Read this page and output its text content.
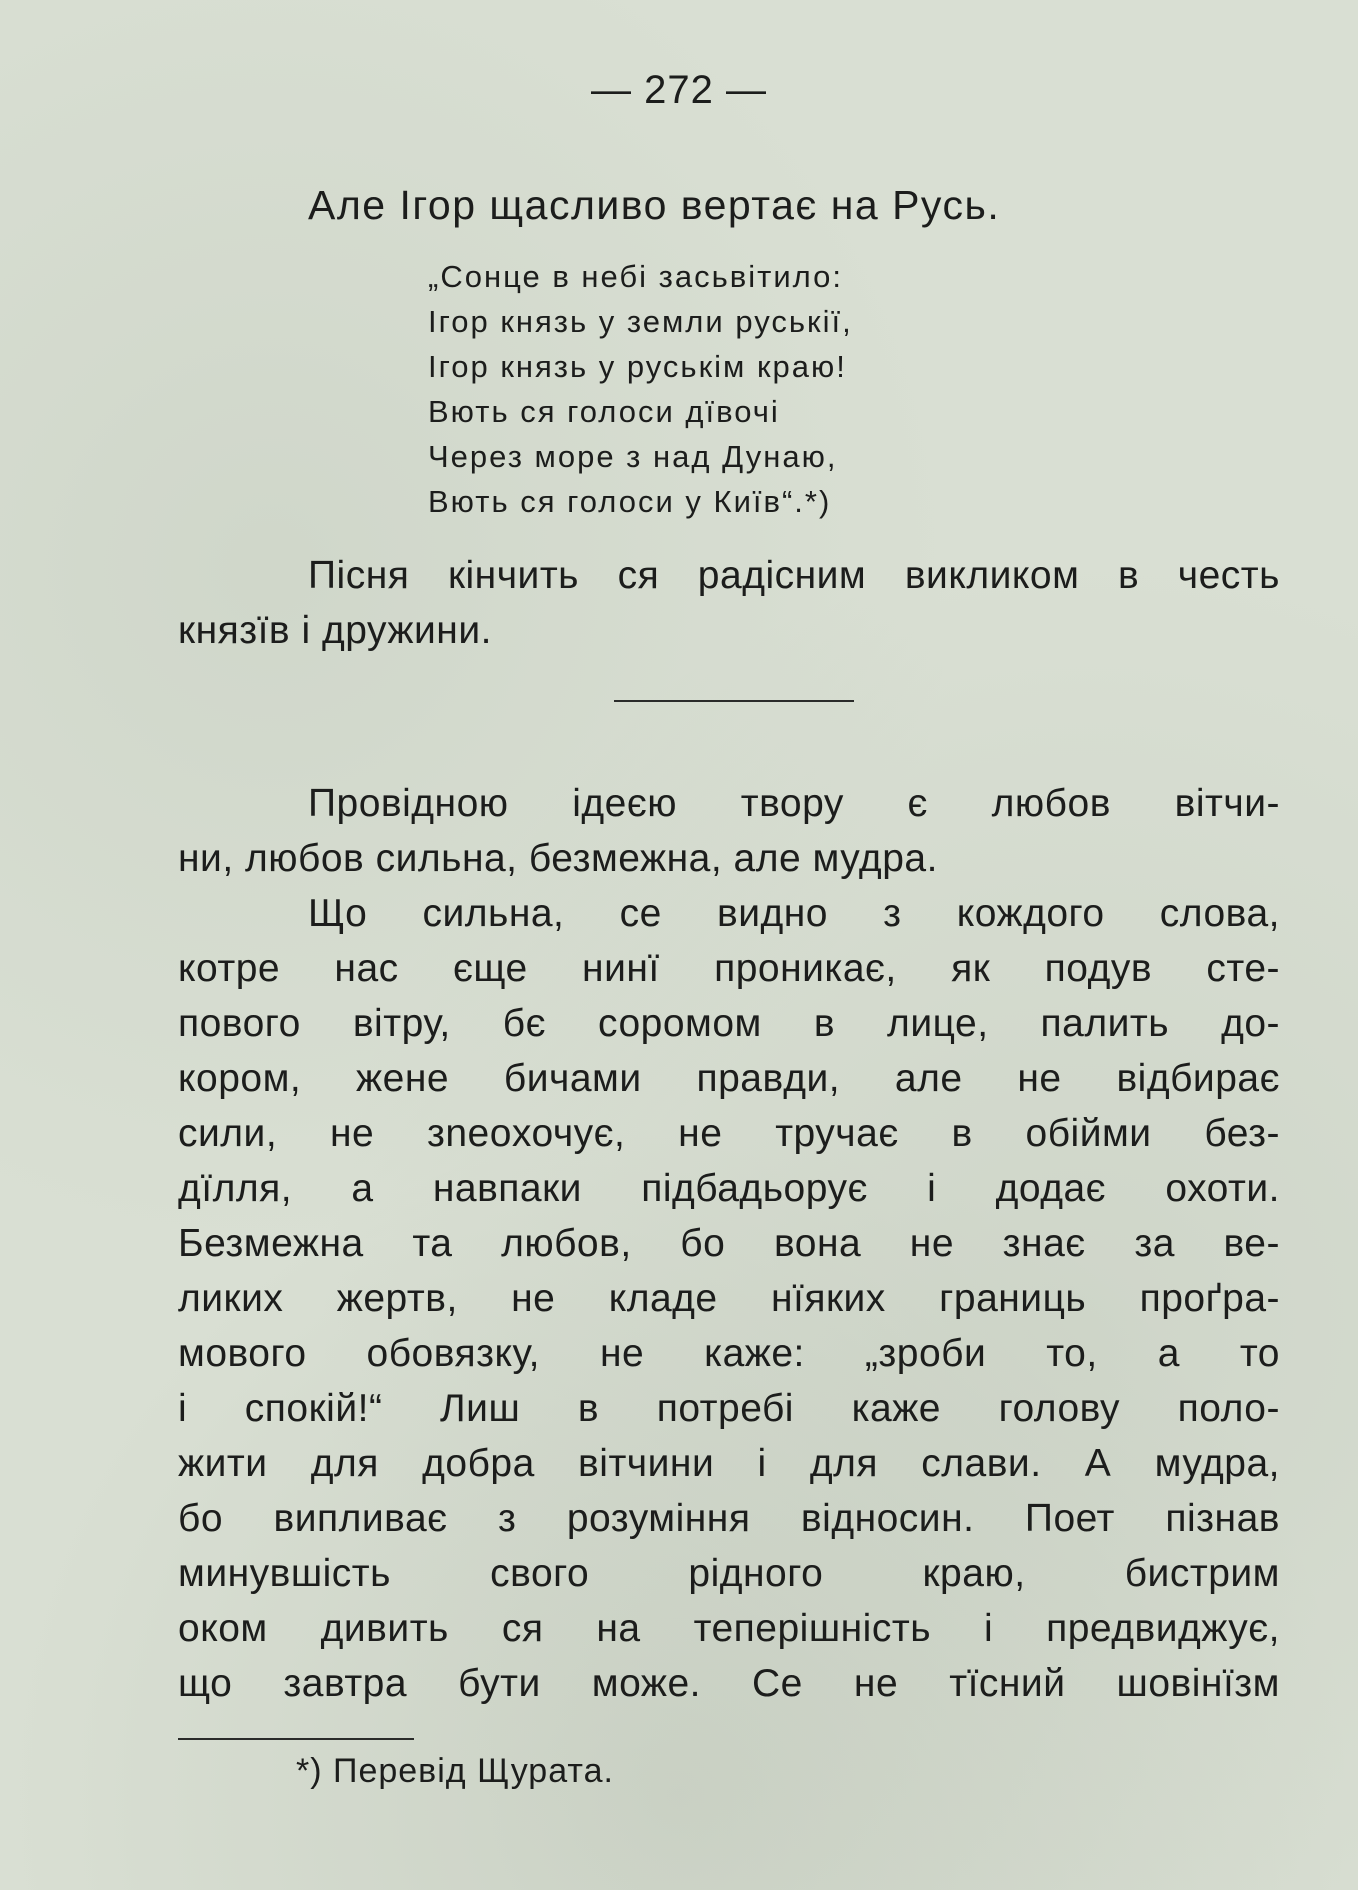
— 272 —
Але Ігор щасливо вертає на Русь.
„Сонце в небі засьвітило:
Ігор князь у земли руськії,
Ігор князь у руськім краю!
Вють ся голоси дївочі
Через море з над Дунаю,
Вють ся голоси у Київ“.*)
Пісня кінчить ся радісним викликом в честь
князїв і дружини.
Провідною ідеєю твору є любов вітчи-
ни, любов сильна, безмежна, але мудра.
Що сильна, се видно з кождого слова,
котре нас єще нинї проникає, як подув сте-
пового вітру, бє соромом в лице, палить до-
кором, жене бичами правди, але не відбирає
сили, не зneoхочує, не тручає в обійми без-
дїлля, а навпаки підбадьорує і додає охоти.
Безмежна та любов, бо вона не знає за ве-
ликих жертв, не кладе нїяких границь проґра-
мового обовязку, не каже: „зроби то, а то
і спокій!“ Лиш в потребі каже голову поло-
жити для добра вітчини і для слави. А мудра,
бо випливає з розуміння відносин. Поет пізнав
минувшість свого рідного краю, бистрим
оком дивить ся на теперішність і предвиджує,
що завтра бути може. Се не тїсний шовінїзм
*) Перевід Щурата.
